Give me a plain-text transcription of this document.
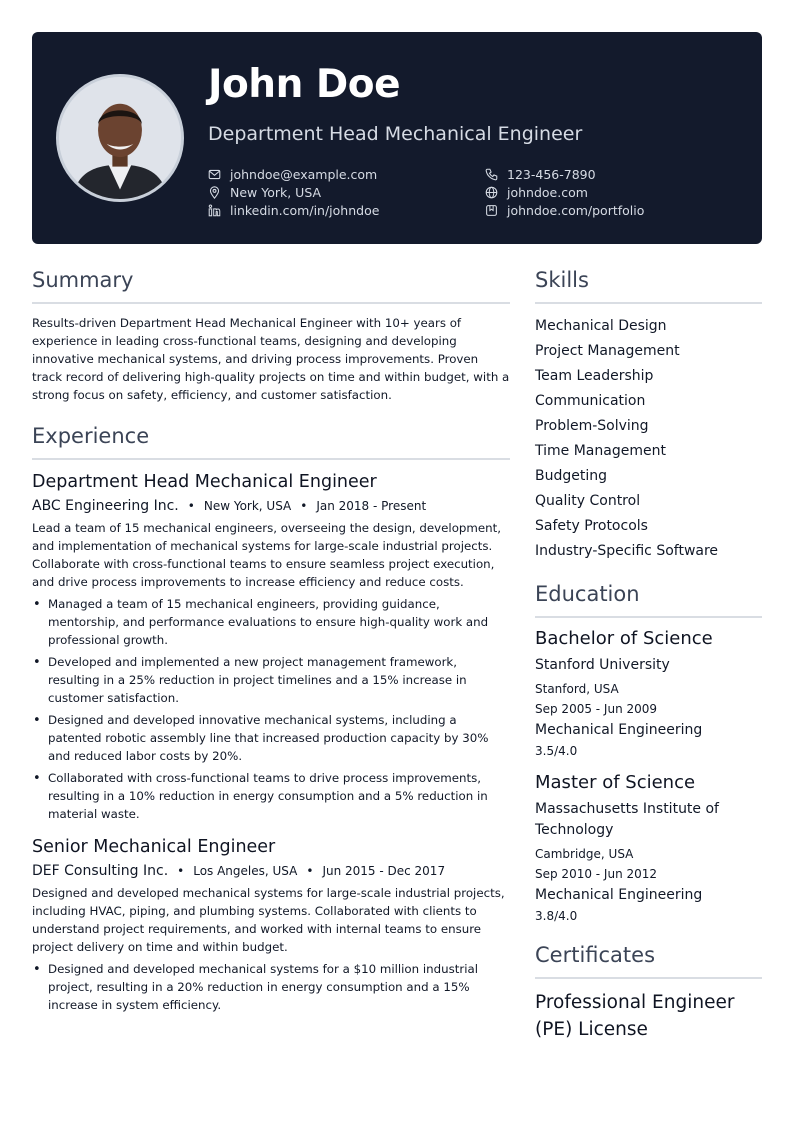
John Doe
Department Head Mechanical Engineer
johndoe@example.com
New York, USA
linkedin.com/in/johndoe
123-456-7890
johndoe.com
johndoe.com/portfolio
Summary

Results-driven Department Head Mechanical Engineer with 10+ years of experience in leading cross-functional teams, designing and developing innovative mechanical systems, and driving process improvements. Proven track record of delivering high-quality projects on time and within budget, with a strong focus on safety, efficiency, and customer satisfaction.

Experience
Department Head Mechanical Engineer
ABC Engineering Inc. • New York, USA • Jan 2018 - Present

Lead a team of 15 mechanical engineers, overseeing the design, development, and implementation of mechanical systems for large-scale industrial projects. Collaborate with cross-functional teams to ensure seamless project execution, and drive process improvements to increase efficiency and reduce costs.

• Managed a team of 15 mechanical engineers, providing guidance, mentorship, and performance evaluations to ensure high-quality work and professional growth.
• Developed and implemented a new project management framework, resulting in a 25% reduction in project timelines and a 15% increase in customer satisfaction.
• Designed and developed innovative mechanical systems, including a patented robotic assembly line that increased production capacity by 30% and reduced labor costs by 20%.
• Collaborated with cross-functional teams to drive process improvements, resulting in a 10% reduction in energy consumption and a 5% reduction in material waste.
Senior Mechanical Engineer
DEF Consulting Inc. • Los Angeles, USA • Jun 2015 - Dec 2017

Designed and developed mechanical systems for large-scale industrial projects, including HVAC, piping, and plumbing systems. Collaborated with clients to understand project requirements, and worked with internal teams to ensure project delivery on time and within budget.

• Designed and developed mechanical systems for a $10 million industrial project, resulting in a 20% reduction in energy consumption and a 15% increase in system efficiency.
Skills
Mechanical Design
Project Management
Team Leadership
Communication
Problem-Solving
Time Management
Budgeting
Quality Control
Safety Protocols
Industry-Specific Software
Education
Bachelor of Science
Stanford University
Stanford, USA
Sep 2005 - Jun 2009
Mechanical Engineering
3.5/4.0
Master of Science
Massachusetts Institute of Technology
Cambridge, USA
Sep 2010 - Jun 2012
Mechanical Engineering
3.8/4.0
Certificates
Professional Engineer (PE) License
